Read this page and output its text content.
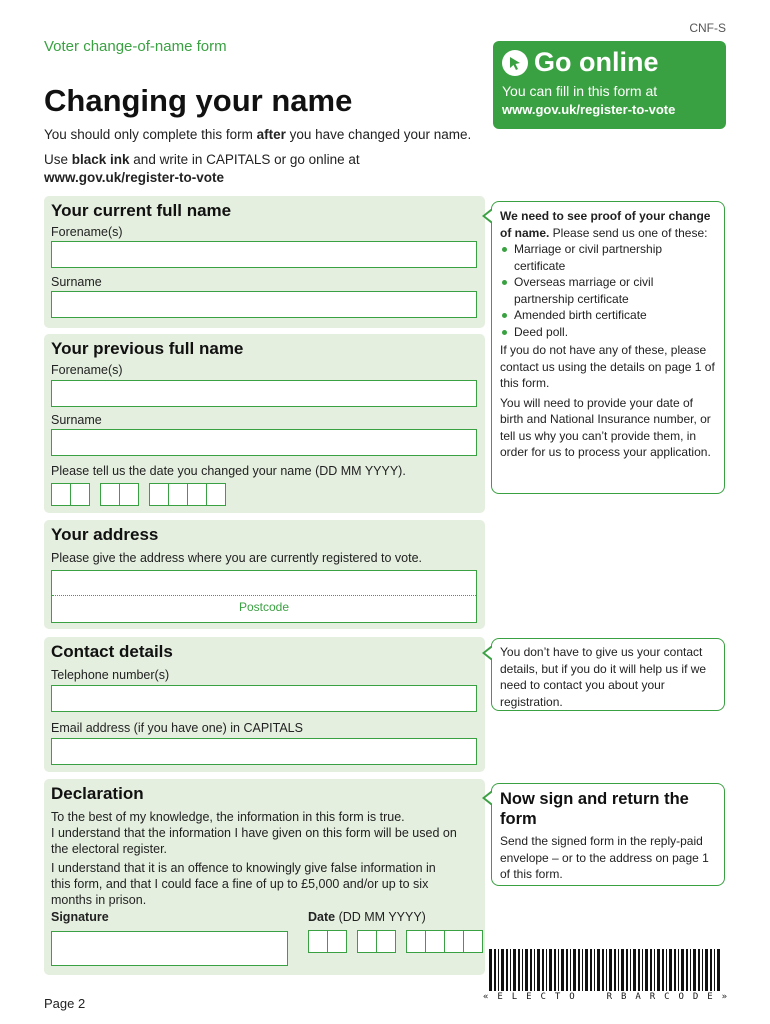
CNF-S
Voter change-of-name form
Changing your name
You should only complete this form after you have changed your name.
Use black ink and write in CAPITALS or go online at
www.gov.uk/register-to-vote
Go online
You can fill in this form at
www.gov.uk/register-to-vote
Your current full name
Forename(s)
Surname
Your previous full name
Forename(s)
Surname
Please tell us the date you changed your name (DD MM YYYY).
Your address
Please give the address where you are currently registered to vote.
Postcode
Contact details
Telephone number(s)
Email address (if you have one) in CAPITALS
Declaration
To the best of my knowledge, the information in this form is true.
I understand that the information I have given on this form will be used on the electoral register.
I understand that it is an offence to knowingly give false information in this form, and that I could face a fine of up to £5,000 and/or up to six months in prison.
Signature	Date (DD MM YYYY)

We need to see proof of your change of name. Please send us one of these:

Marriage or civil partnership certificate
Overseas marriage or civil partnership certificate
Amended birth certificate
Deed poll.

If you do not have any of these, please contact us using the details on page 1 of this form.

You will need to provide your date of birth and National Insurance number, or tell us why you can’t provide them, in order for us to process your application.

You don’t have to give us your contact details, but if you do it will help us if we need to contact you about your registration.

Now sign and return the form

Send the signed form in the reply-paid envelope – or to the address on page 1 of this form.

« E L E C T O	R B A R C O D E »
Page 2
